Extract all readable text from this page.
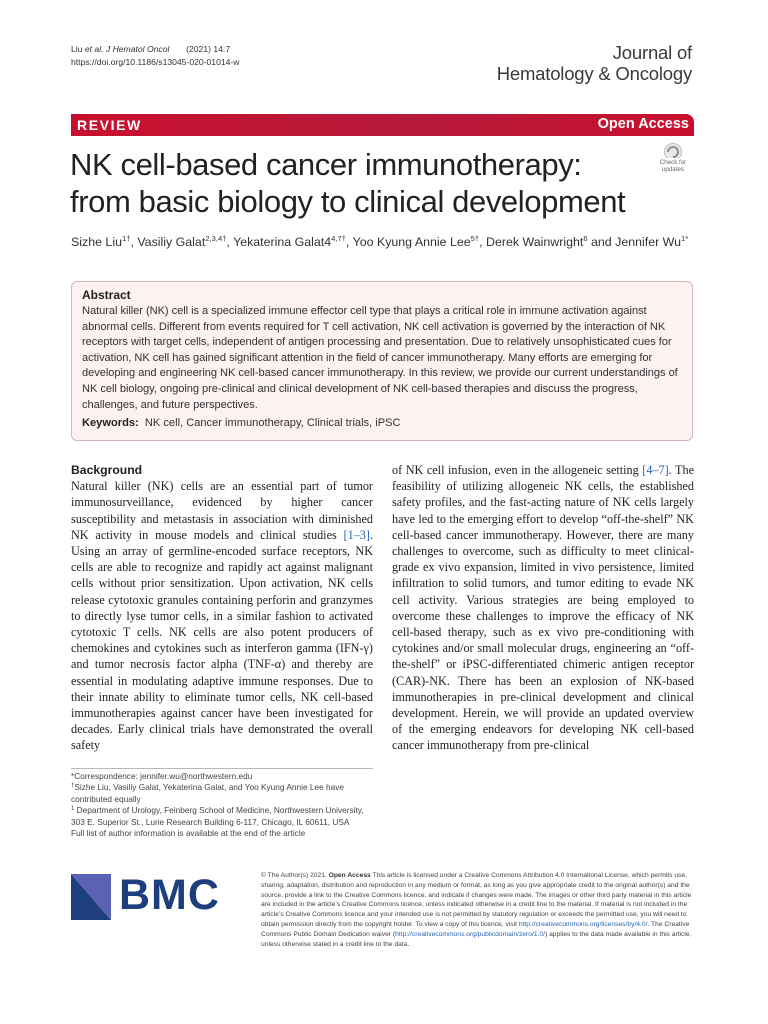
Liu et al. J Hematol Oncol (2021) 14:7
https://doi.org/10.1186/s13045-020-01014-w	Journal of
Hematology & Oncology
REVIEW	Open Access
NK cell-based cancer immunotherapy: from basic biology to clinical development
Check for
updates
Sizhe Liu$^{1\dagger}$, Vasiliy Galat$^{2,3,4\dagger}$, Yekaterina $Galat4^{4,7\dagger}$, Yoo Kyung Annie Lee$^{5\dagger}$, Derek Wainwright$^6$ and Jennifer $Wu^{1*}$
Abstract
Natural killer (NK) cell is a specialized immune effector cell type that plays a critical role in immune activation against abnormal cells. Different from events required for T cell activation, NK cell activation is governed by the interaction of NK receptors with target cells, independent of antigen processing and presentation. Due to relatively unsophisticated cues for activation, NK cell has gained significant attention in the field of cancer immunotherapy. Many efforts are emerging for developing and engineering NK cell-based cancer immunotherapy. In this review, we provide our current understandings of NK cell biology, ongoing pre-clinical and clinical development of NK cell-based therapies and discuss the progress, challenges, and future perspectives.
Keywords: NK cell, Cancer immunotherapy, Clinical trials, iPSC
Background
Natural killer (NK) cells are an essential part of tumor immunosurveillance, evidenced by higher cancer susceptibility and metastasis in association with diminished NK activity in mouse models and clinical studies [1–3]. Using an array of germline-encoded surface receptors, NK cells are able to recognize and rapidly act against malignant cells without prior sensitization. Upon activation, NK cells release cytotoxic granules containing perforin and granzymes to directly lyse tumor cells, in a similar fashion to activated cytotoxic T cells. NK cells are also potent producers of chemokines and cytokines such as interferon gamma (IFN-γ) and tumor necrosis factor alpha (TNF-α) and thereby are essential in modulating adaptive immune responses. Due to their innate ability to eliminate tumor cells, NK cell-based immunotherapies against cancer have been investigated for decades. Early clinical trials have demonstrated the overall safety
of NK cell infusion, even in the allogeneic setting [4–7]. The feasibility of utilizing allogeneic NK cells, the established safety profiles, and the fast-acting nature of NK cells largely have led to the emerging effort to develop “off-the-shelf” NK cell-based cancer immunotherapy. However, there are many challenges to overcome, such as difficulty to meet clinical-grade ex vivo expansion, limited in vivo persistence, limited infiltration to solid tumors, and tumor editing to evade NK cell activity. Various strategies are being employed to overcome these challenges to improve the efficacy of NK cell-based therapy, such as ex vivo pre-conditioning with cytokines and/or small molecular drugs, engineering an “off-the-shelf” or iPSC-differentiated chimeric antigen receptor (CAR)-NK. There has been an explosion of NK-based immunotherapies in pre-clinical development and clinical development. Herein, we will provide an updated overview of the emerging endeavors for developing NK cell-based cancer immunotherapy from pre-clinical
*Correspondence: jennifer.wu@northwestern.edu
†Sizhe Liu, Vasiliy Galat, Yekaterina Galat, and Yoo Kyung Annie Lee have contributed equally
$^1$ Department of Urology, Feinberg School of Medicine, Northwestern University, 303 E. Superior St., Lurie Research Building 6-117, Chicago, IL 60611, USA
Full list of author information is available at the end of the article
BMC	© The Author(s) 2021. Open Access This article is licensed under a Creative Commons Attribution 4.0 International License, which permits use, sharing, adaptation, distribution and reproduction in any medium or format, as long as you give appropriate credit to the original author(s) and the source, provide a link to the Creative Commons licence, and indicate if changes were made. The images or other third party material in this article are included in the article’s Creative Commons licence, unless indicated otherwise in a credit line to the material. If material is not included in the article’s Creative Commons licence and your intended use is not permitted by statutory regulation or exceeds the permitted use, you will need to obtain permission directly from the copyright holder. To view a copy of this licence, visit http://creativecommons.org/licenses/by/4.0/. The Creative Commons Public Domain Dedication waiver (http://creativecommons.org/publicdomain/zero/1.0/) applies to the data made available in this article, unless otherwise stated in a credit line to the data.
